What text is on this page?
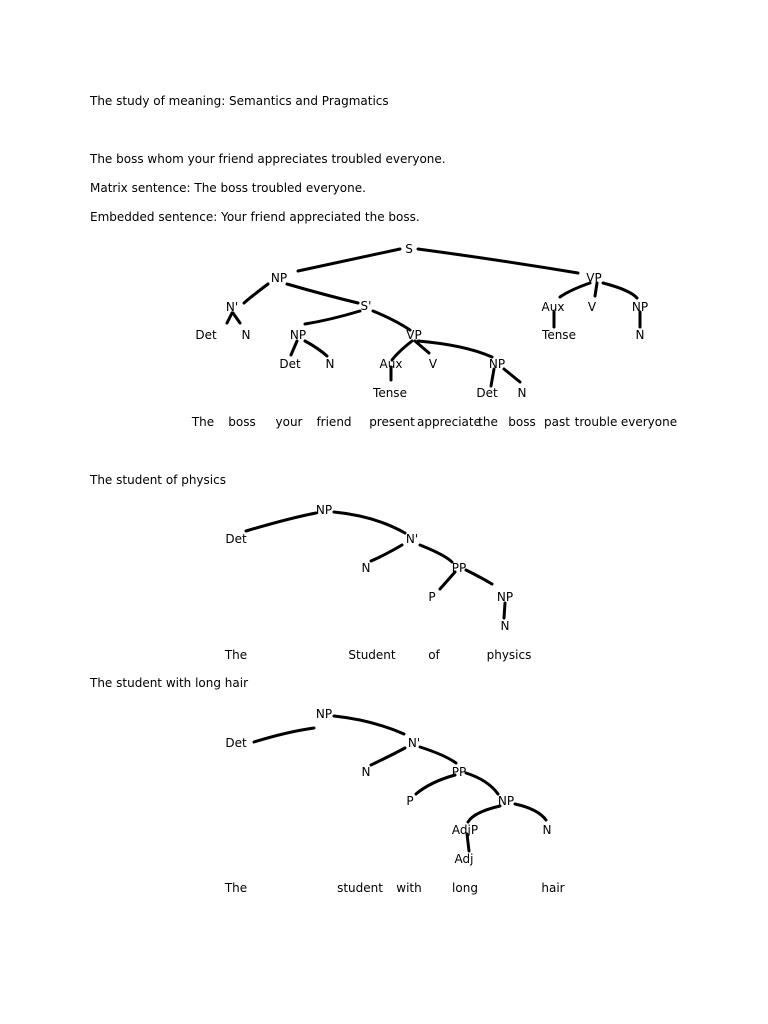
The study of meaning: Semantics and Pragmatics
The boss whom your friend appreciates troubled everyone.
Matrix sentence: The boss troubled everyone.
Embedded sentence: Your friend appreciated the boss.
The student of physics
The student with long hair
S
NP
N'
Det N
S'
NP
Det N
VP
Aux
Tense
V	NP
Det N
VP
Aux
Tense
V	NP
N
The boss your friend present appreciate
the boss past trouble everyone
NP
Det	N'
N	PP
P	NP
N
The	Student	of	physics
NP
Det	N'
N	PP
P	NP
AdjP
Adj
N
The	student with	long	hair
